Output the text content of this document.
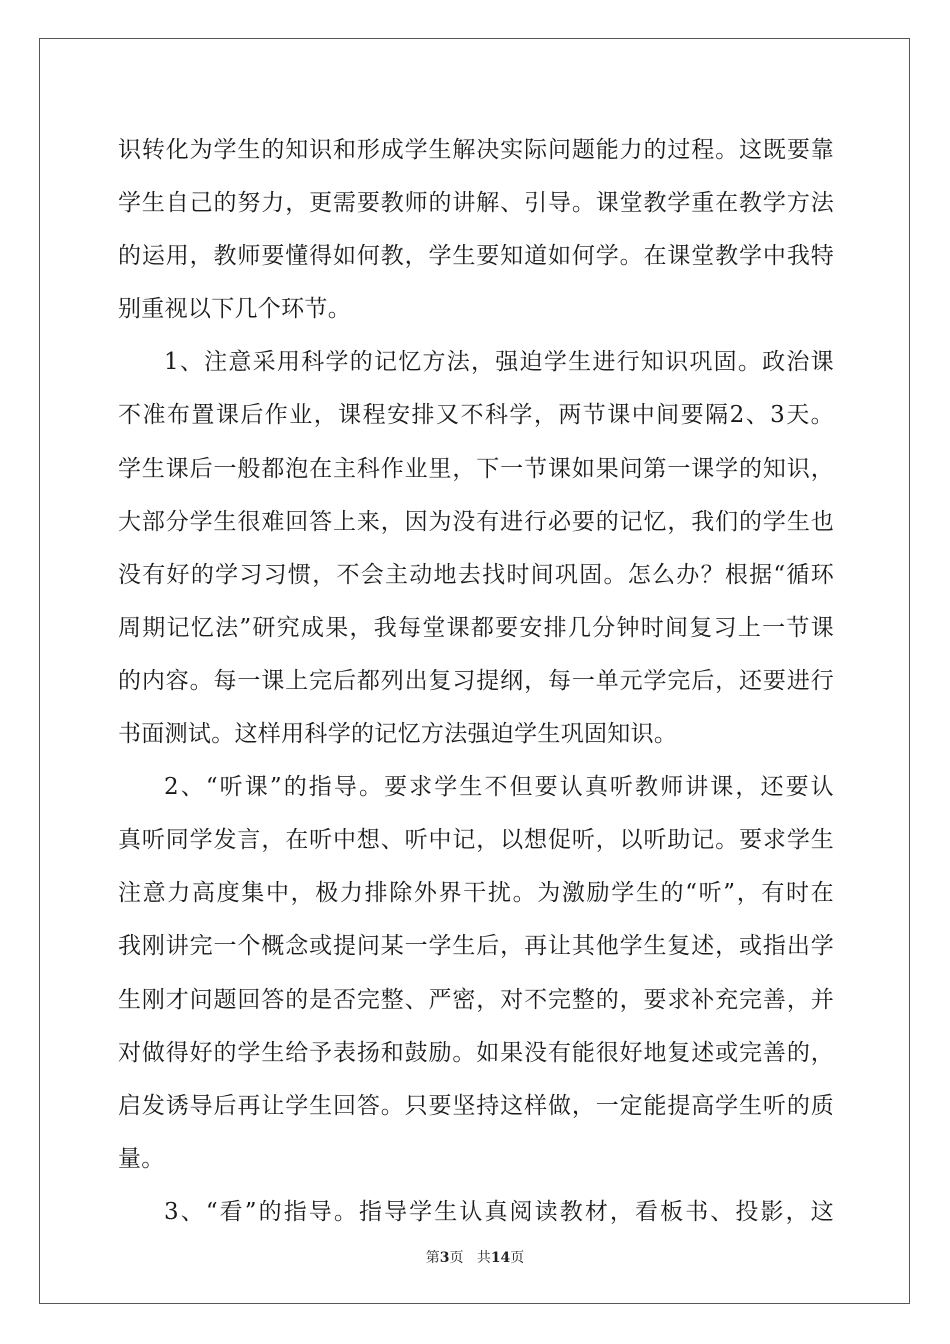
识转化为学生的知识和形成学生解决实际问题能力的过程。这既要靠
学生自己的努力，更需要教师的讲解、引导。课堂教学重在教学方法
的运用，教师要懂得如何教，学生要知道如何学。在课堂教学中我特
别重视以下几个环节。
1、注意采用科学的记忆方法，强迫学生进行知识巩固。政治课
不准布置课后作业，课程安排又不科学，两节课中间要隔2、3天。
学生课后一般都泡在主科作业里，下一节课如果问第一课学的知识，
大部分学生很难回答上来，因为没有进行必要的记忆，我们的学生也
没有好的学习习惯，不会主动地去找时间巩固。怎么办？根据“循环
周期记忆法”研究成果，我每堂课都要安排几分钟时间复习上一节课
的内容。每一课上完后都列出复习提纲，每一单元学完后，还要进行
书面测试。这样用科学的记忆方法强迫学生巩固知识。
2、“听课”的指导。要求学生不但要认真听教师讲课，还要认
真听同学发言，在听中想、听中记，以想促听，以听助记。要求学生
注意力高度集中，极力排除外界干扰。为激励学生的“听”，有时在
我刚讲完一个概念或提问某一学生后，再让其他学生复述，或指出学
生刚才问题回答的是否完整、严密，对不完整的，要求补充完善，并
对做得好的学生给予表扬和鼓励。如果没有能很好地复述或完善的，
启发诱导后再让学生回答。只要坚持这样做，一定能提高学生听的质
量。
3、“看”的指导。指导学生认真阅读教材，看板书、投影，这
第3页 共14页
